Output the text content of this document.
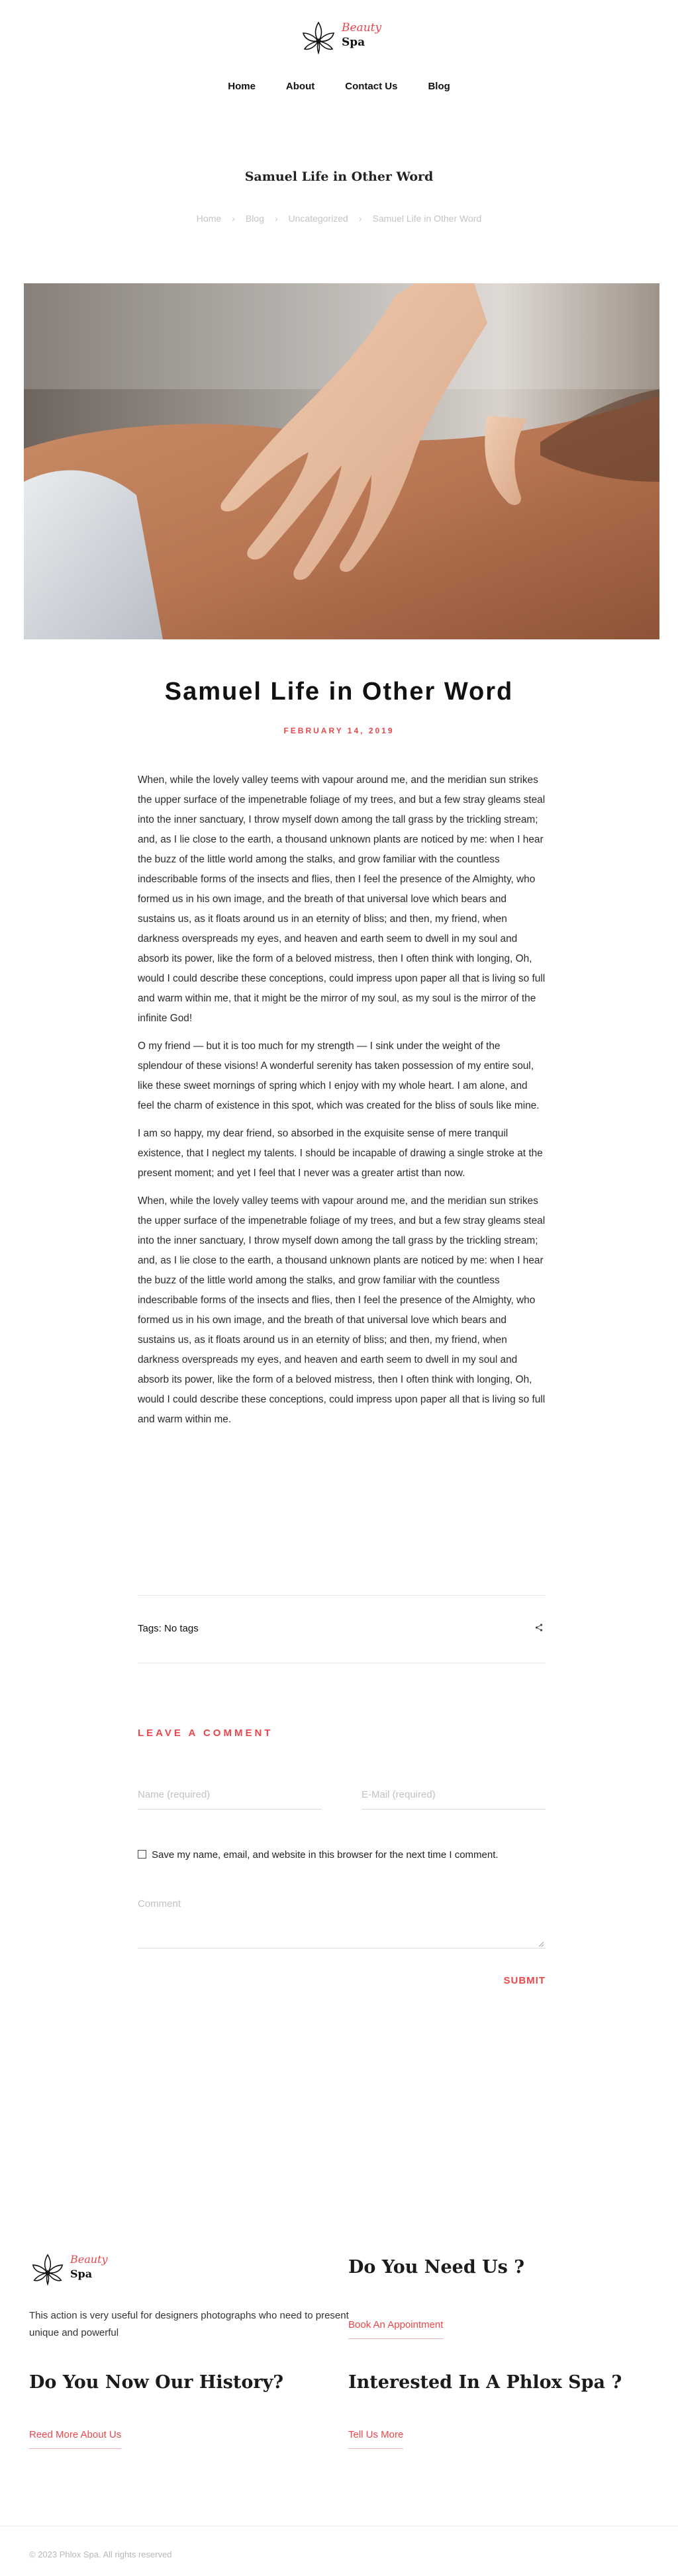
Beauty
Spa
Home	About	Contact Us	Blog
Samuel Life in Other Word
Home › Blog › Uncategorized › Samuel Life in Other Word
Samuel Life in Other Word
FEBRUARY 14, 2019

When, while the lovely valley teems with vapour around me, and the meridian sun strikes the upper surface of the impenetrable foliage of my trees, and but a few stray gleams steal into the inner sanctuary, I throw myself down among the tall grass by the trickling stream; and, as I lie close to the earth, a thousand unknown plants are noticed by me: when I hear the buzz of the little world among the stalks, and grow familiar with the countless indescribable forms of the insects and flies, then I feel the presence of the Almighty, who formed us in his own image, and the breath of that universal love which bears and sustains us, as it floats around us in an eternity of bliss; and then, my friend, when darkness overspreads my eyes, and heaven and earth seem to dwell in my soul and absorb its power, like the form of a beloved mistress, then I often think with longing, Oh, would I could describe these conceptions, could impress upon paper all that is living so full and warm within me, that it might be the mirror of my soul, as my soul is the mirror of the infinite God!

O my friend — but it is too much for my strength — I sink under the weight of the splendour of these visions! A wonderful serenity has taken possession of my entire soul, like these sweet mornings of spring which I enjoy with my whole heart. I am alone, and feel the charm of existence in this spot, which was created for the bliss of souls like mine.

I am so happy, my dear friend, so absorbed in the exquisite sense of mere tranquil existence, that I neglect my talents. I should be incapable of drawing a single stroke at the present moment; and yet I feel that I never was a greater artist than now.

When, while the lovely valley teems with vapour around me, and the meridian sun strikes the upper surface of the impenetrable foliage of my trees, and but a few stray gleams steal into the inner sanctuary, I throw myself down among the tall grass by the trickling stream; and, as I lie close to the earth, a thousand unknown plants are noticed by me: when I hear the buzz of the little world among the stalks, and grow familiar with the countless indescribable forms of the insects and flies, then I feel the presence of the Almighty, who formed us in his own image, and the breath of that universal love which bears and sustains us, as it floats around us in an eternity of bliss; and then, my friend, when darkness overspreads my eyes, and heaven and earth seem to dwell in my soul and absorb its power, like the form of a beloved mistress, then I often think with longing, Oh, would I could describe these conceptions, could impress upon paper all that is living so full and warm within me.

Tags: No tags
LEAVE A COMMENT
Name (required)
E-Mail (required)
Save my name, email, and website in this browser for the next time I comment.
Comment
SUBMIT
Beauty
Spa

This action is very useful for designers photographs who need to present unique and powerful

Do You Now Our History?
Reed More About Us
Do You Need Us ?
Book An Appointment
Interested In A Phlox Spa ?
Tell Us More
© 2023 Phlox Spa. All rights reserved
